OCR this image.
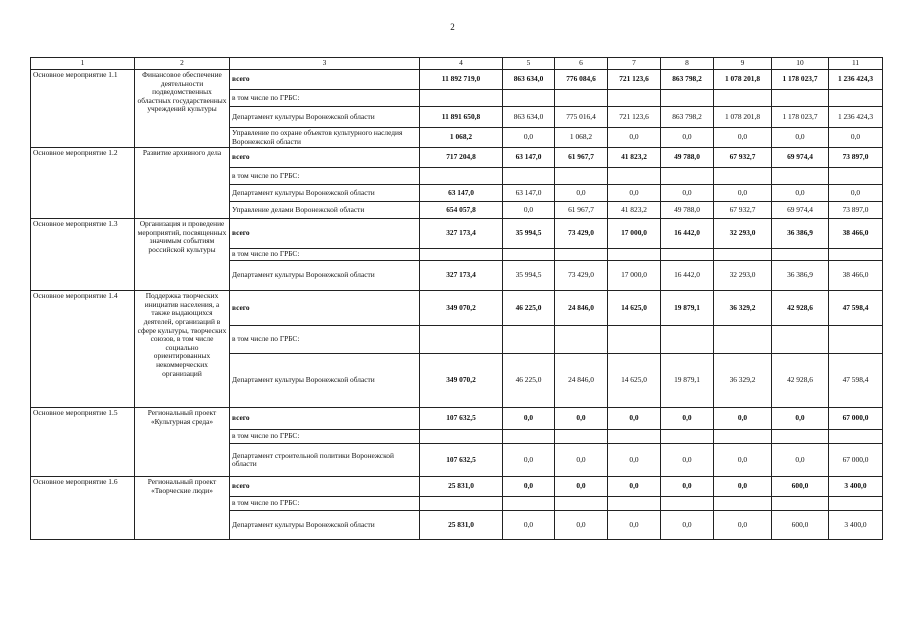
2
1	2	3	4	5	6	7	8	9	10	11
Основное мероприятие 1.1	Финансовое обеспечение деятельности подведомственных областных государственных учреждений культуры	всего	11 892 719,0	863 634,0	776 084,6	721 123,6	863 798,2	1 078 201,8	1 178 023,7	1 236 424,3
		в том числе по ГРБС:								
		Департамент культуры Воронежской области	11 891 650,8	863 634,0	775 016,4	721 123,6	863 798,2	1 078 201,8	1 178 023,7	1 236 424,3
		Управление по охране объектов культурного наследия Воронежской области	1 068,2	0,0	1 068,2	0,0	0,0	0,0	0,0	0,0
Основное мероприятие 1.2	Развитие архивного дела	всего	717 204,8	63 147,0	61 967,7	41 823,2	49 788,0	67 932,7	69 974,4	73 897,0
		в том числе по ГРБС:								
		Департамент культуры Воронежской области	63 147,0	63 147,0	0,0	0,0	0,0	0,0	0,0	0,0
		Управление делами Воронежской области	654 057,8	0,0	61 967,7	41 823,2	49 788,0	67 932,7	69 974,4	73 897,0
Основное мероприятие 1.3	Организация и проведение мероприятий, посвященных значимым событиям российской культуры	всего	327 173,4	35 994,5	73 429,0	17 000,0	16 442,0	32 293,0	36 386,9	38 466,0
		в том числе по ГРБС:								
		Департамент культуры Воронежской области	327 173,4	35 994,5	73 429,0	17 000,0	16 442,0	32 293,0	36 386,9	38 466,0
Основное мероприятие 1.4	Поддержка творческих инициатив населения, а также выдающихся деятелей, организаций в сфере культуры, творческих союзов, в том числе социально ориентированных некоммерческих организаций	всего	349 070,2	46 225,0	24 846,0	14 625,0	19 879,1	36 329,2	42 928,6	47 598,4
		в том числе по ГРБС:								
		Департамент культуры Воронежской области	349 070,2	46 225,0	24 846,0	14 625,0	19 879,1	36 329,2	42 928,6	47 598,4
Основное мероприятие 1.5	Региональный проект «Культурная среда»	всего	107 632,5	0,0	0,0	0,0	0,0	0,0	0,0	67 000,0
		в том числе по ГРБС:								
		Департамент строительной политики Воронежской области	107 632,5	0,0	0,0	0,0	0,0	0,0	0,0	67 000,0
Основное мероприятие 1.6	Региональный проект «Творческие люди»	всего	25 831,0	0,0	0,0	0,0	0,0	0,0	600,0	3 400,0
		в том числе по ГРБС:								
		Департамент культуры Воронежской области	25 831,0	0,0	0,0	0,0	0,0	0,0	600,0	3 400,0
